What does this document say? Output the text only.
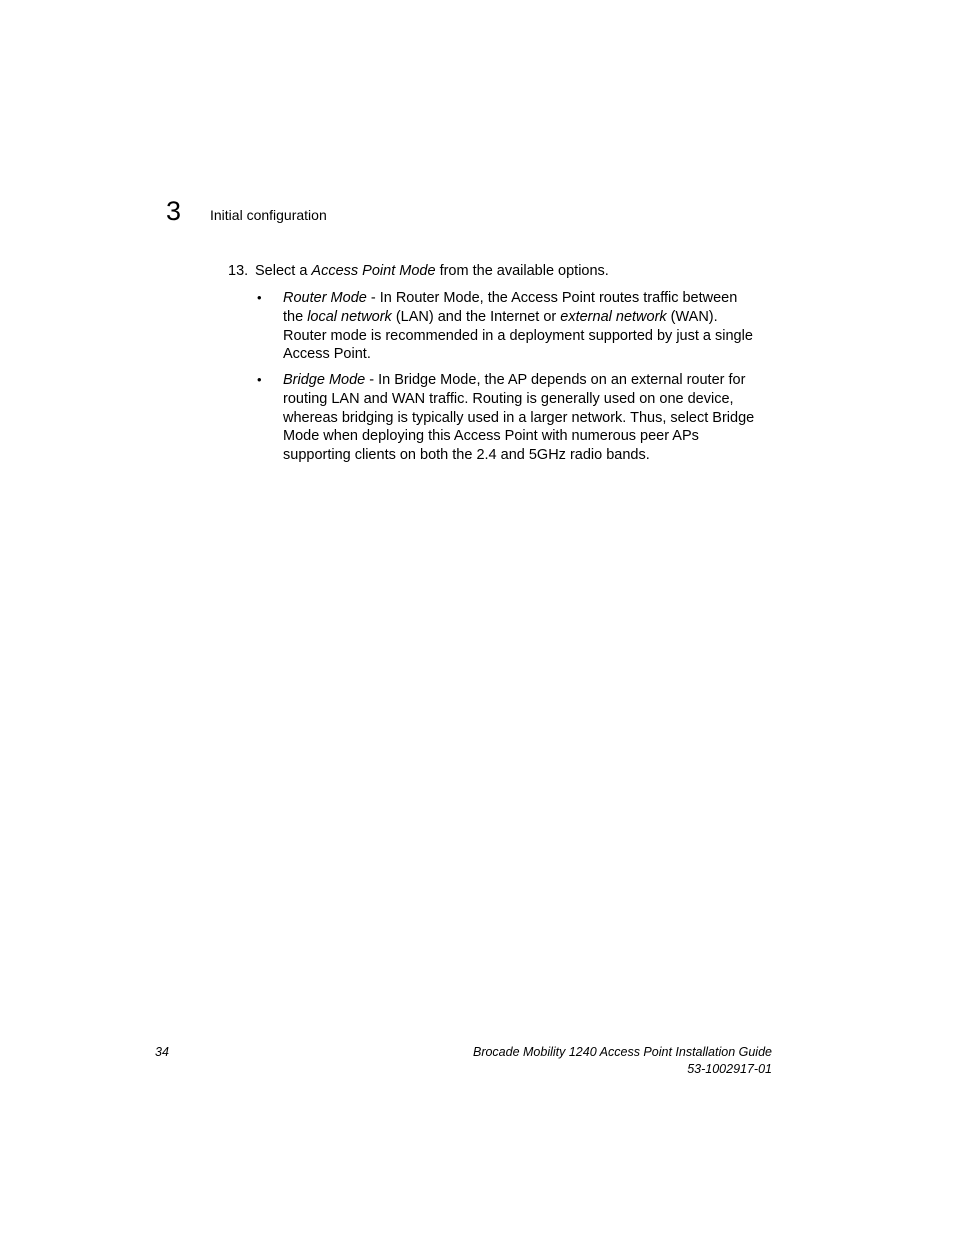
3 Initial configuration
13. Select a Access Point Mode from the available options.
• Router Mode - In Router Mode, the Access Point routes traffic between the local network (LAN) and the Internet or external network (WAN). Router mode is recommended in a deployment supported by just a single Access Point.
• Bridge Mode - In Bridge Mode, the AP depends on an external router for routing LAN and WAN traffic. Routing is generally used on one device, whereas bridging is typically used in a larger network. Thus, select Bridge Mode when deploying this Access Point with numerous peer APs supporting clients on both the 2.4 and 5GHz radio bands.
34	Brocade Mobility 1240 Access Point Installation Guide
53-1002917-01
